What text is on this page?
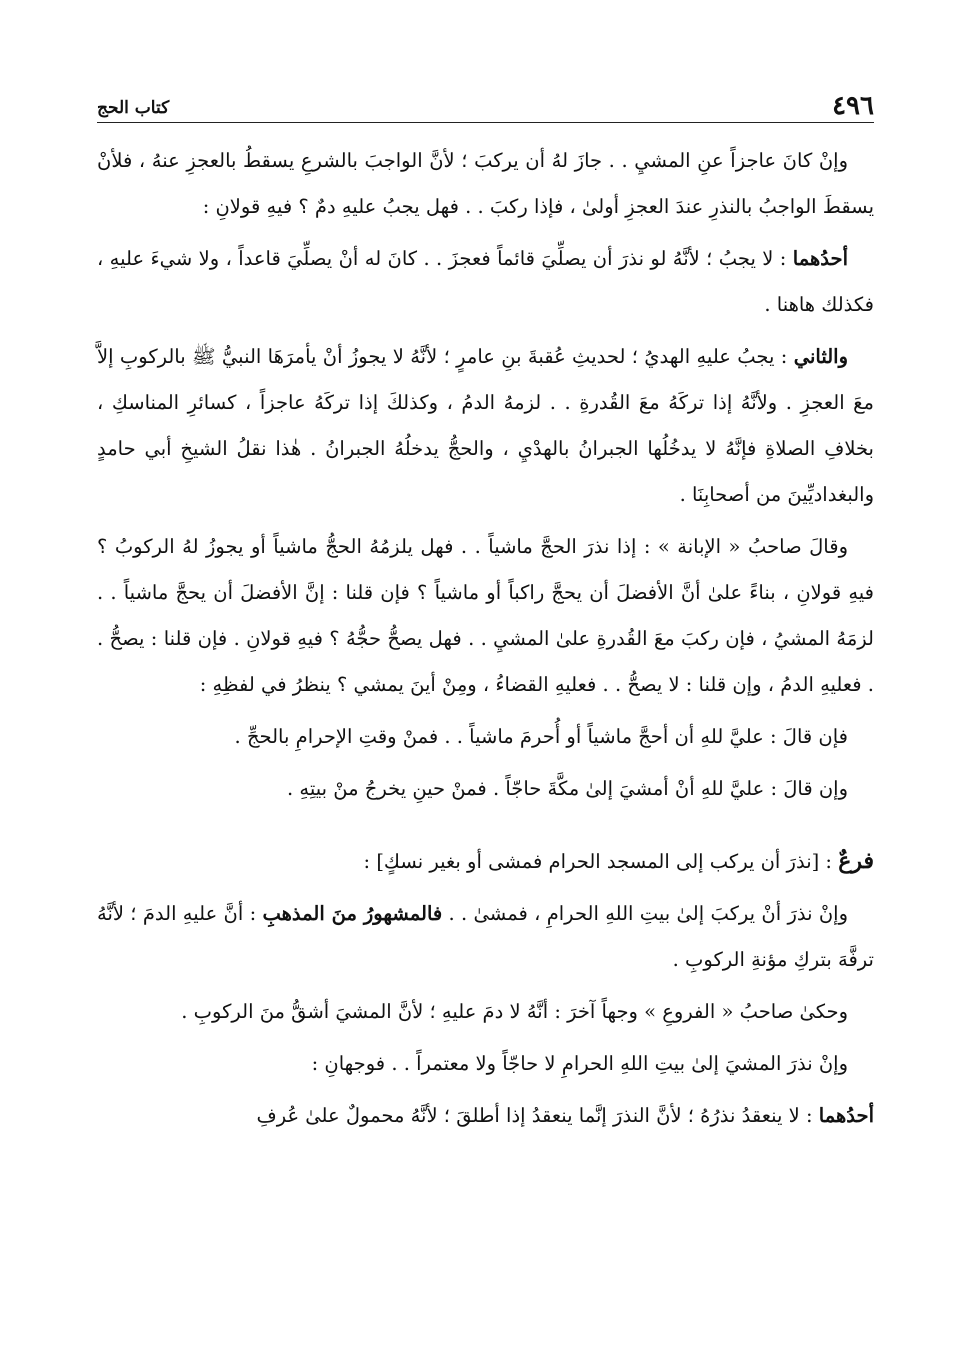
٤٩٦
كتاب الحج

وإنْ كانَ عاجزاً عنِ المشيِ . . جازَ لهُ أن يركبَ ؛ لأنَّ الواجبَ بالشرعِ يسقطُ بالعجزِ عنهُ ، فلأنْ يسقطَ الواجبُ بالنذرِ عندَ العجزِ أولىٰ ، فإذا ركبَ . . فهل يجبُ عليهِ دمٌ ؟ فيهِ قولانِ :

أحدُهما : لا يجبُ ؛ لأنَّهُ لو نذرَ أن يصلِّيَ قائماً فعجزَ . . كانَ له أنْ يصلِّيَ قاعداً ، ولا شيءَ عليهِ ، فكذلك هاهنا .

والثاني : يجبُ عليهِ الهديُ ؛ لحديثِ عُقبةَ بنِ عامرٍ ؛ لأنَّهُ لا يجوزُ أنْ يأمرَهَا النبيُّ ﷺ بالركوبِ إلاَّ معَ العجزِ . ولأنَّهُ إذا تركَهُ معَ القُدرةِ . . لزمهُ الدمُ ، وكذلكَ إذا تركَهُ عاجزاً ، كسائرِ المناسكِ ، بخلافِ الصلاةِ فإنَّهُ لا يدخُلُها الجبرانُ بالهدْيِ ، والحجُّ يدخلُهُ الجبرانُ . هٰذا نقلُ الشيخِ أبي حامدٍ والبغداديِّينَ من أصحابِنَا .

وقالَ صاحبُ « الإبانة » : إذا نذرَ الحجَّ ماشياً . . فهل يلزمُهُ الحجُّ ماشياً أو يجوزُ لهُ الركوبُ ؟ فيهِ قولانِ ، بناءً علىٰ أنَّ الأفضلَ أن يحجَّ راكباً أو ماشياً ؟ فإن قلنا : إنَّ الأفضلَ أن يحجَّ ماشياً . . لزمَهُ المشيُ ، فإن ركبَ معَ القُدرةِ علىٰ المشيِ . . فهل يصحُّ حجُّهُ ؟ فيهِ قولانِ . فإن قلنا : يصحُّ . . فعليهِ الدمُ ، وإن قلنا : لا يصحُّ . . فعليهِ القضاءُ ، ومِنْ أينَ يمشي ؟ ينظرُ في لفظِهِ :

فإن قالَ : عليَّ للهِ أن أحجَّ ماشياً أو أُحرمَ ماشياً . . فمنْ وقتِ الإحرامِ بالحجِّ .

وإن قالَ : عليَّ للهِ أنْ أمشيَ إلىٰ مكَّةَ حاجّاً . فمنْ حينِ يخرجُ منْ بيتِهِ .

فرعٌ : [نذرَ أن يركب إلى المسجد الحرام فمشى أو بغير نسكٍ] :

وإنْ نذرَ أنْ يركبَ إلىٰ بيتِ اللهِ الحرامِ ، فمشىٰ . . فالمشهورُ منَ المذهبِ : أنَّ عليهِ الدمَ ؛ لأنَّهُ ترفَّهَ بتركِ مؤنةِ الركوبِ .

وحكىٰ صاحبُ « الفروعِ » وجهاً آخرَ : أنَّهُ لا دمَ عليهِ ؛ لأنَّ المشيَ أشقُّ منَ الركوبِ .

وإنْ نذرَ المشيَ إلىٰ بيتِ اللهِ الحرامِ لا حاجّاً ولا معتمراً . . فوجهانِ :

أحدُهما : لا ينعقدُ نذرُهُ ؛ لأنَّ النذرَ إنَّما ينعقدُ إذا أطلقَ ؛ لأنَّهُ محمولٌ علىٰ عُرفِ
